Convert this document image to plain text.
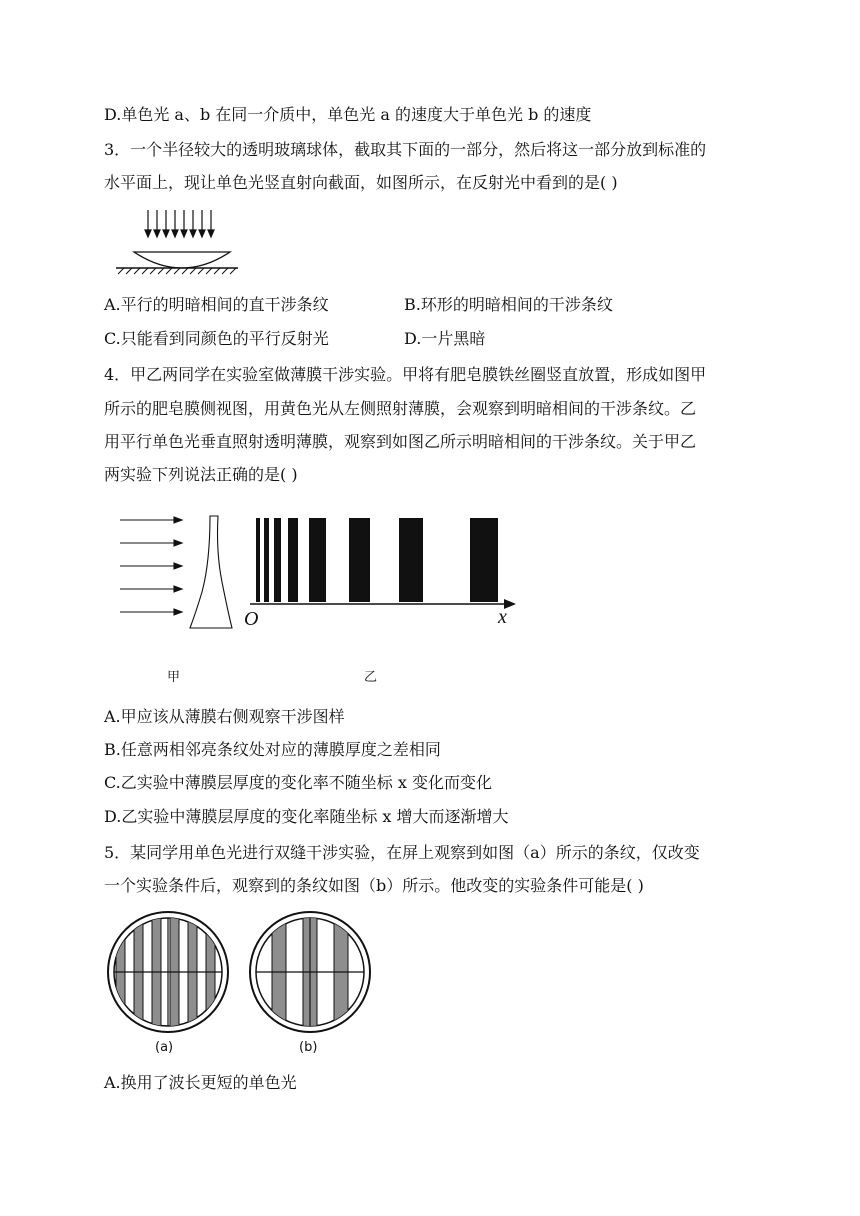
D.单色光 a、b 在同一介质中，单色光 a 的速度大于单色光 b 的速度
3．一个半径较大的透明玻璃球体，截取其下面的一部分，然后将这一部分放到标准的
水平面上，现让单色光竖直射向截面，如图所示，在反射光中看到的是( )
A.平行的明暗相间的直干涉条纹	B.环形的明暗相间的干涉条纹
C.只能看到同颜色的平行反射光	D.一片黑暗
4．甲乙两同学在实验室做薄膜干涉实验。甲将有肥皂膜铁丝圈竖直放置，形成如图甲
所示的肥皂膜侧视图，用黄色光从左侧照射薄膜，会观察到明暗相间的干涉条纹。乙
用平行单色光垂直照射透明薄膜，观察到如图乙所示明暗相间的干涉条纹。关于甲乙
两实验下列说法正确的是( )
甲
O	x
乙
A.甲应该从薄膜右侧观察干涉图样
B.任意两相邻亮条纹处对应的薄膜厚度之差相同
C.乙实验中薄膜层厚度的变化率不随坐标 x 变化而变化
D.乙实验中薄膜层厚度的变化率随坐标 x 增大而逐渐增大
5．某同学用单色光进行双缝干涉实验，在屏上观察到如图（a）所示的条纹，仅改变
一个实验条件后，观察到的条纹如图（b）所示。他改变的实验条件可能是( )
(a)	(b)
A.换用了波长更短的单色光
